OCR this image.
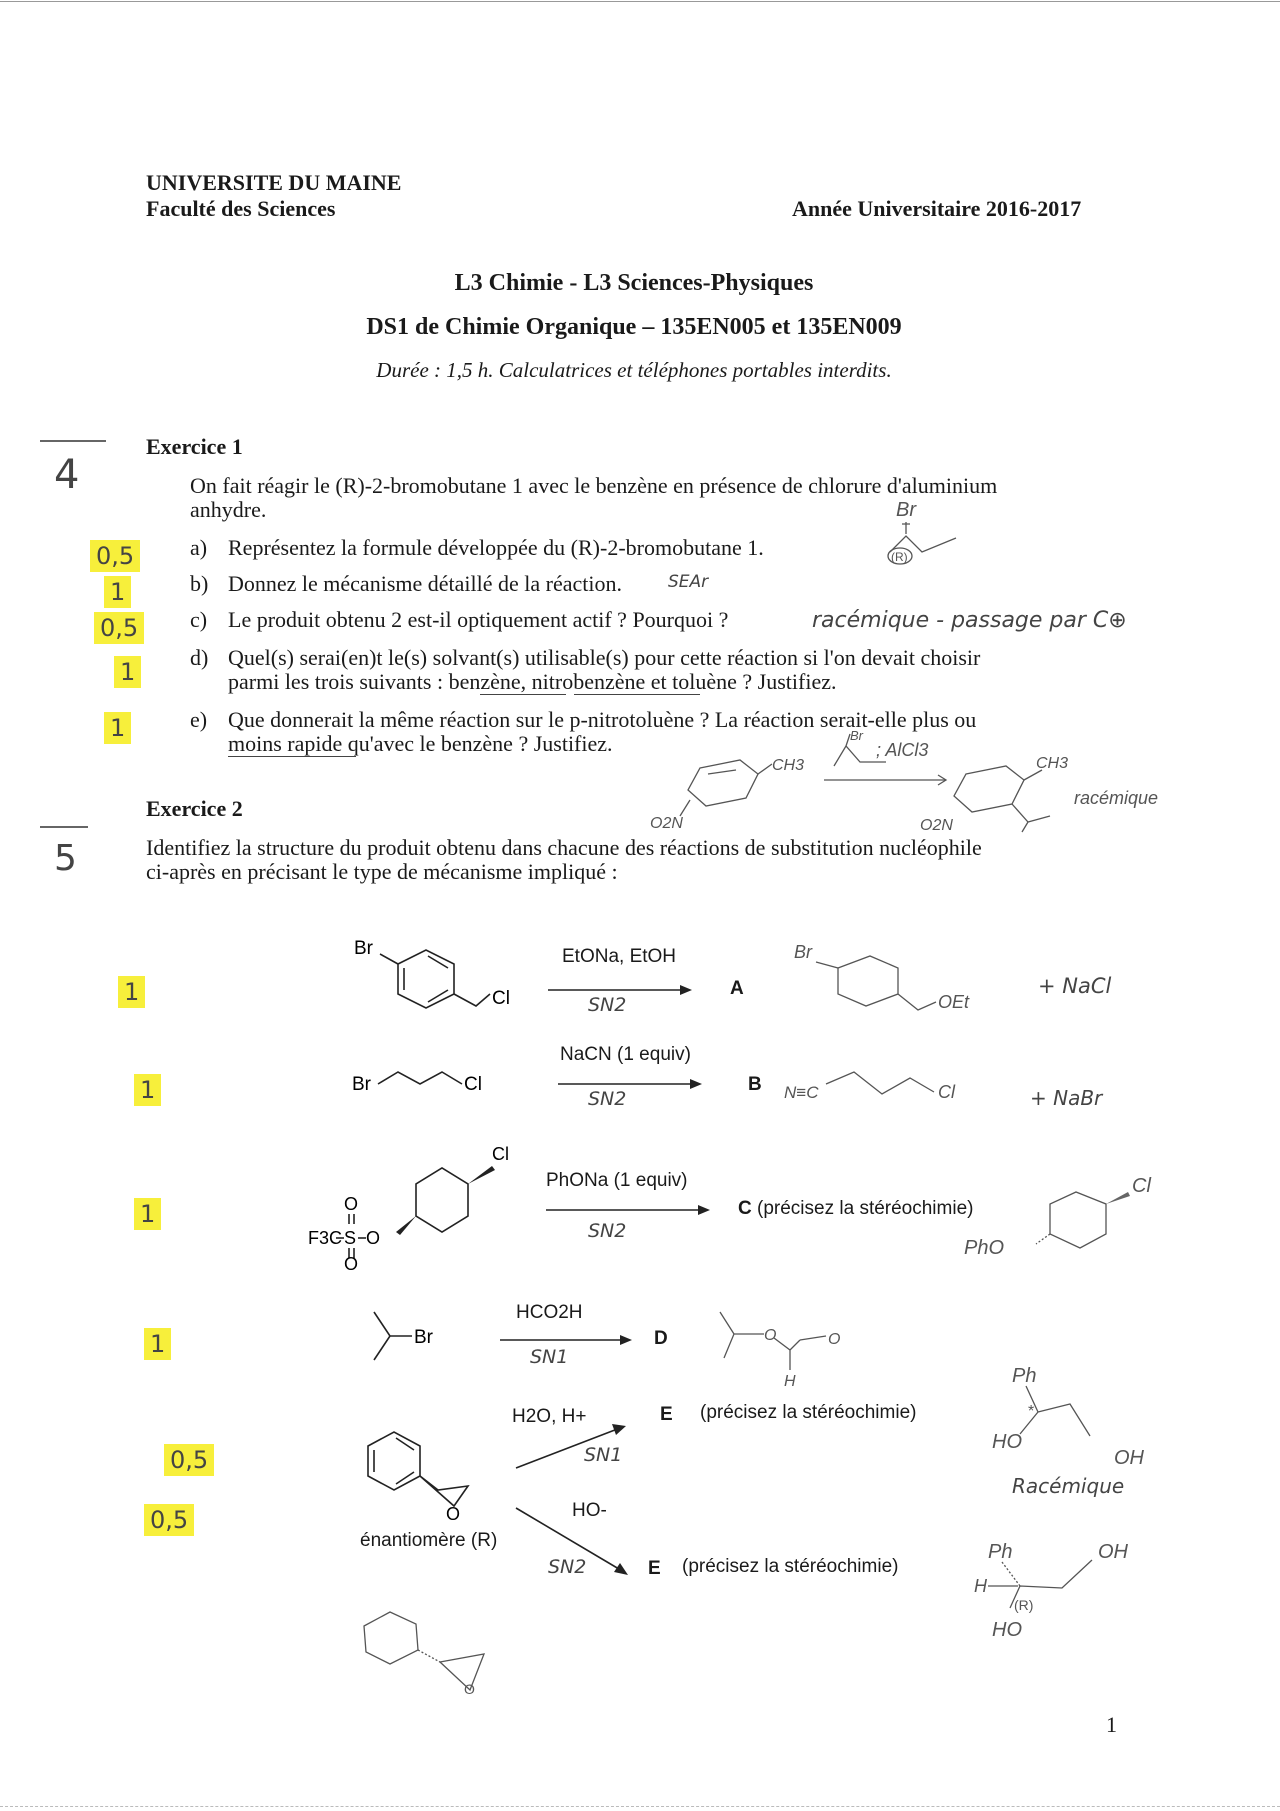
UNIVERSITE DU MAINE
Faculté des Sciences	Année Universitaire 2016-2017
L3 Chimie - L3 Sciences-Physiques
DS1 de Chimie Organique – 135EN005 et 135EN009
Durée : 1,5 h. Calculatrices et téléphones portables interdits.
4
Exercice 1
On fait réagir le (R)-2-bromobutane 1 avec le benzène en présence de chlorure d'aluminium
anhydre.
a) Représentez la formule développée du (R)-2-bromobutane 1.
b) Donnez le mécanisme détaillé de la réaction.
c) Le produit obtenu 2 est-il optiquement actif ? Pourquoi ?
d) Quel(s) serai(en)t le(s) solvant(s) utilisable(s) pour cette réaction si l'on devait choisir
parmi les trois suivants : benzène, nitrobenzène et toluène ? Justifiez.
e) Que donnerait la même réaction sur le p-nitrotoluène ? La réaction serait-elle plus ou
moins rapide qu'avec le benzène ? Justifiez.
0,5
1
0,5
1
1
Br
(R)
SEAr
racémique - passage par C⊕
CH3
O2N
Br
; AlCl3
CH3
O2N
racémique
5
Exercice 2
Identifiez la structure du produit obtenu dans chacune des réactions de substitution nucléophile
ci-après en précisant le type de mécanisme impliqué :
1
1
1
1
0,5
0,5
Br
Cl
EtONa, EtOH
SN2
A
Br
OEt
+ NaCl
Br	Cl
NaCN (1 equiv)
SN2
B N≡C	Cl	+ NaBr
Cl
O
F3C S
O
O
PhONa (1 equiv)
SN2
C (précisez la stéréochimie)
Cl
PhO
Br
HCO2H
SN1
D	O	O
H
O
énantiomère (R)
H2O, H+
SN1
E (précisez la stéréochimie)
Ph
*
HO
OH
Racémique
HO-
SN2	E (précisez la stéréochimie)
Ph	OH
H
(R)
HO
O
1
